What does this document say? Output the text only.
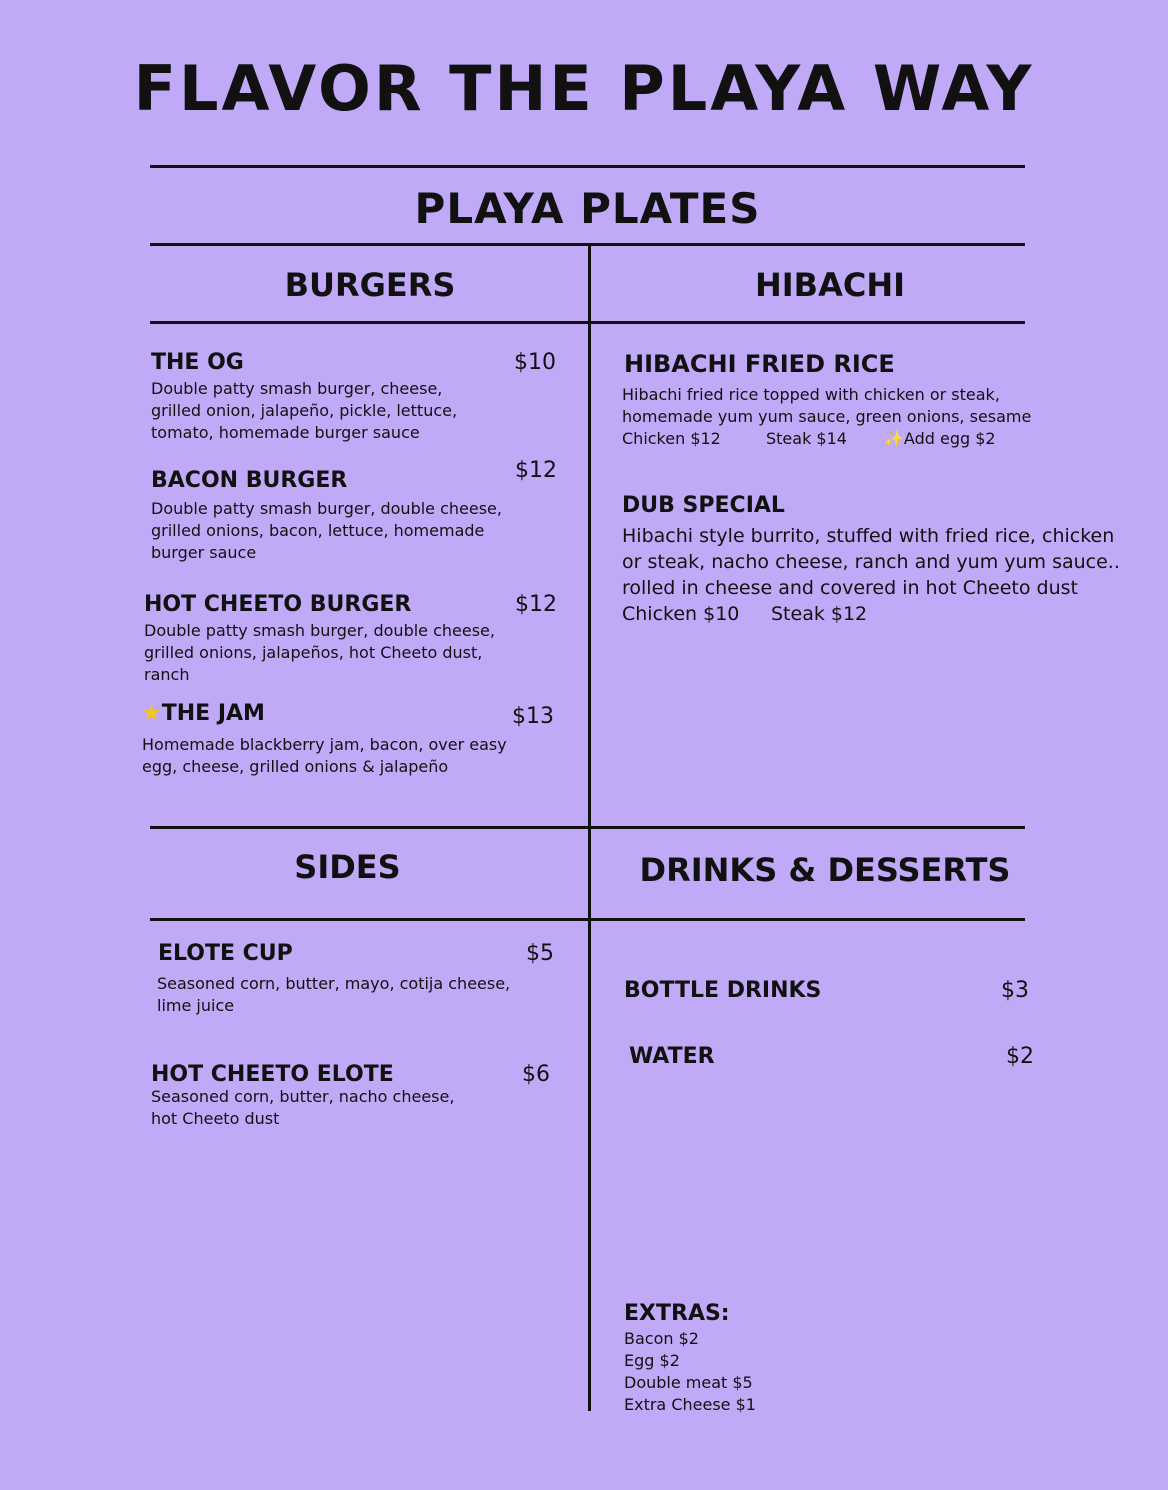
FLAVOR THE PLAYA WAY
PLAYA PLATES
BURGERS	HIBACHI
SIDES	DRINKS & DESSERTS
THE OG	$10
Double patty smash burger, cheese, grilled onion, jalapeño, pickle, lettuce, tomato, homemade burger sauce
BACON BURGER	$12
Double patty smash burger, double cheese, grilled onions, bacon, lettuce, homemade burger sauce
HOT CHEETO BURGER	$12
Double patty smash burger, double cheese, grilled onions, jalapeños, hot Cheeto dust, ranch
★THE JAM	$13
Homemade blackberry jam, bacon, over easy egg, cheese, grilled onions & jalapeño
HIBACHI FRIED RICE
Hibachi fried rice topped with chicken or steak, homemade yum yum sauce, green onions, sesame
Chicken $12	Steak $14 ✨Add egg $2
DUB SPECIAL
Hibachi style burrito, stuffed with fried rice, chicken or steak, nacho cheese, ranch and yum yum sauce.. rolled in cheese and covered in hot Cheeto dust
Chicken $10 Steak $12
ELOTE CUP	$5
Seasoned corn, butter, mayo, cotija cheese, lime juice
HOT CHEETO ELOTE	$6
Seasoned corn, butter, nacho cheese, hot Cheeto dust
BOTTLE DRINKS	$3
WATER	$2
EXTRAS:
Bacon $2
Egg $2
Double meat $5
Extra Cheese $1
